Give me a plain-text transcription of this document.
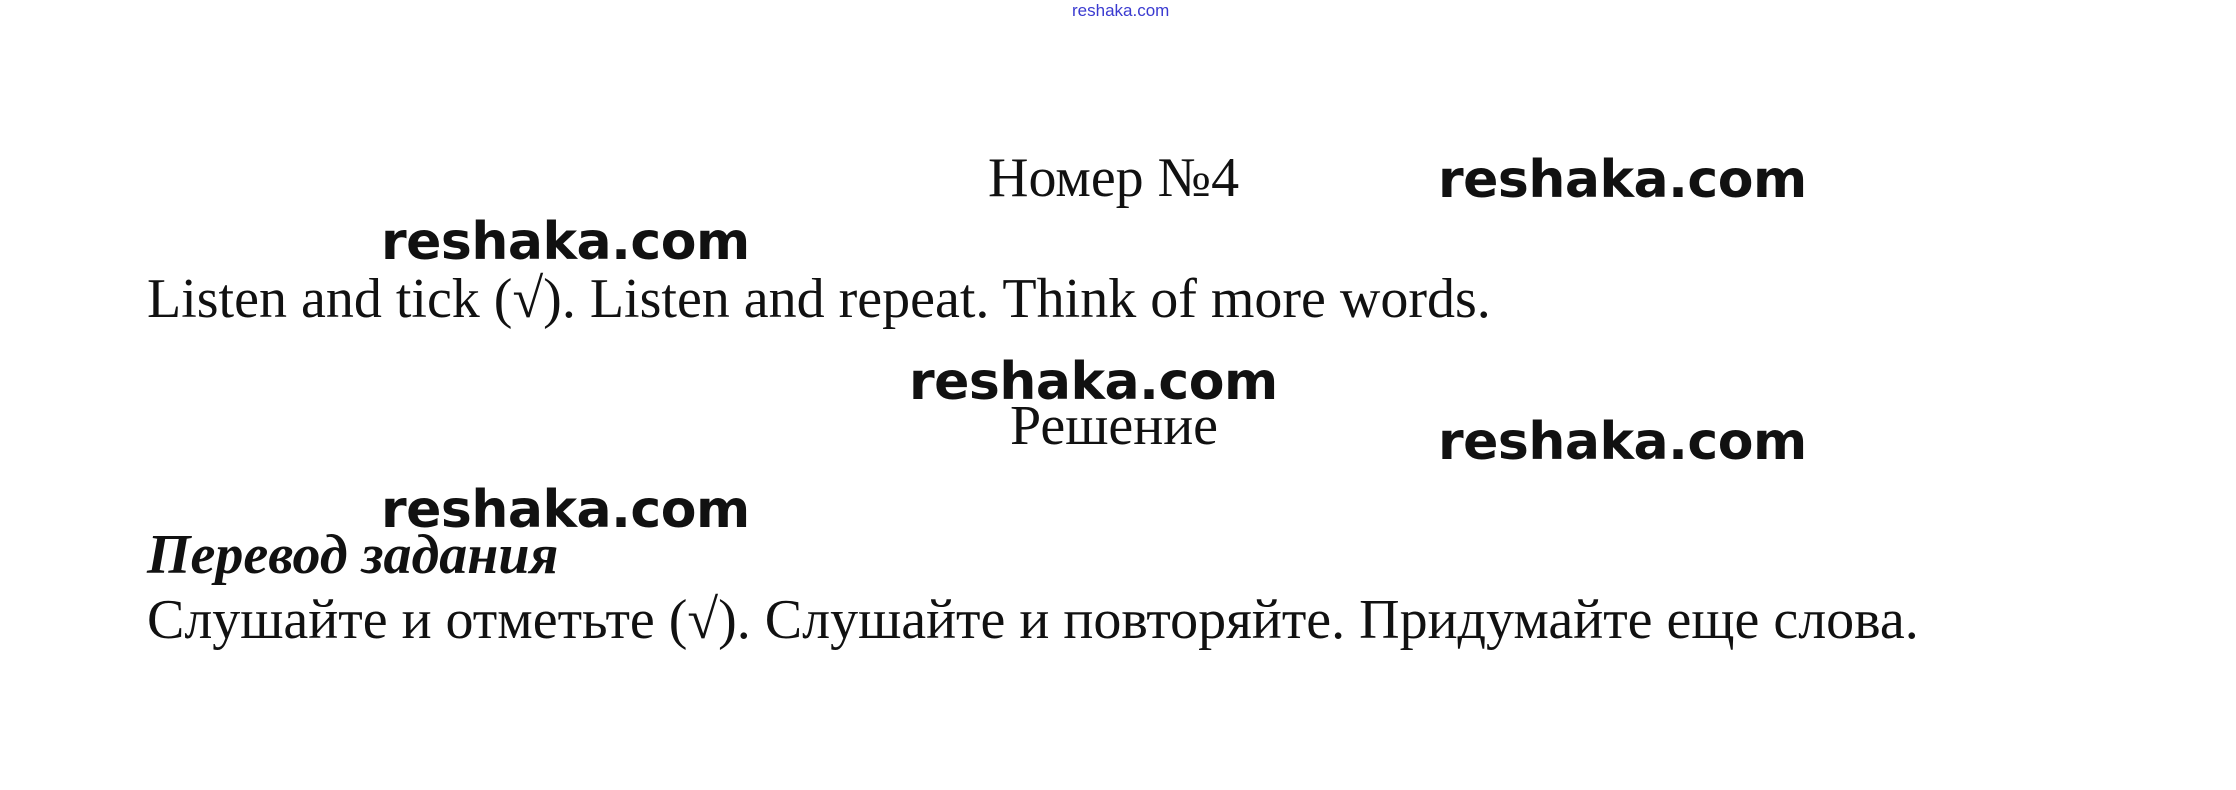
reshaka.com
Номер №4	reshaka.com
reshaka.com
Listen and tick (√). Listen and repeat. Think of more words.
reshaka.com
Решение	reshaka.com
reshaka.com
Перевод задания
Слушайте и отметьте (√). Слушайте и повторяйте. Придумайте еще слова.
